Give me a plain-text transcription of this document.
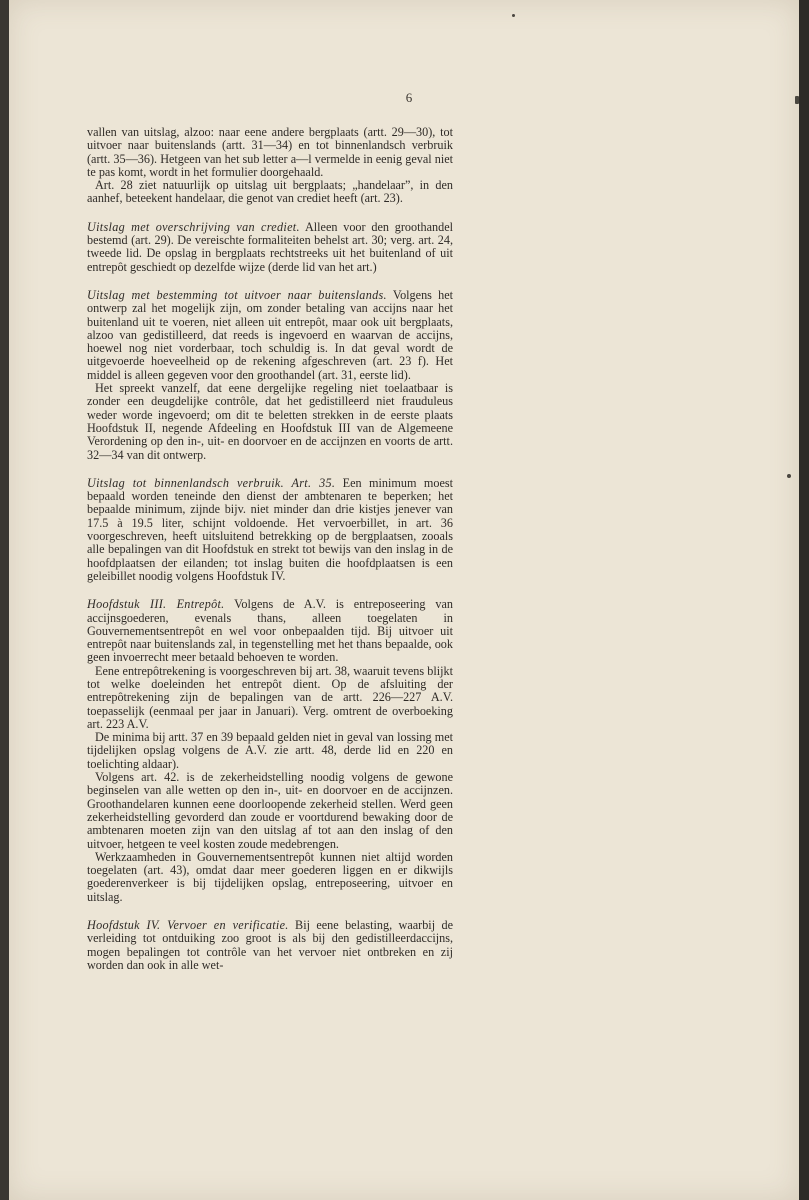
6

vallen van uitslag, alzoo: naar eene andere bergplaats (artt. 29—30), tot uitvoer naar buitenslands (artt. 31—34) en tot binnenlandsch verbruik (artt. 35—36). Hetgeen van het sub letter a—l vermelde in eenig geval niet te pas komt, wordt in het formulier doorgehaald.

Art. 28 ziet natuurlijk op uitslag uit bergplaats; „handelaar”, in den aanhef, beteekent handelaar, die genot van crediet heeft (art. 23).

Uitslag met overschrijving van crediet. Alleen voor den groothandel bestemd (art. 29). De vereischte formaliteiten behelst art. 30; verg. art. 24, tweede lid. De opslag in bergplaats rechtstreeks uit het buitenland of uit entrepôt geschiedt op dezelfde wijze (derde lid van het art.)

Uitslag met bestemming tot uitvoer naar buitenslands. Volgens het ontwerp zal het mogelijk zijn, om zonder betaling van accijns naar het buitenland uit te voeren, niet alleen uit entrepôt, maar ook uit bergplaats, alzoo van gedistilleerd, dat reeds is ingevoerd en waarvan de accijns, hoewel nog niet vorderbaar, toch schuldig is. In dat geval wordt de uitgevoerde hoeveelheid op de rekening afgeschreven (art. 23 f). Het middel is alleen gegeven voor den groothandel (art. 31, eerste lid).

Het spreekt vanzelf, dat eene dergelijke regeling niet toelaatbaar is zonder een deugdelijke contrôle, dat het gedistilleerd niet frauduleus weder worde ingevoerd; om dit te beletten strekken in de eerste plaats Hoofdstuk II, negende Afdeeling en Hoofdstuk III van de Algemeene Verordening op den in-, uit- en doorvoer en de accijnzen en voorts de artt. 32—34 van dit ontwerp.

Uitslag tot binnenlandsch verbruik. Art. 35. Een minimum moest bepaald worden teneinde den dienst der ambtenaren te beperken; het bepaalde minimum, zijnde bijv. niet minder dan drie kistjes jenever van 17.5 à 19.5 liter, schijnt voldoende. Het vervoerbillet, in art. 36 voorgeschreven, heeft uitsluitend betrekking op de bergplaatsen, zooals alle bepalingen van dit Hoofdstuk en strekt tot bewijs van den inslag in de hoofdplaatsen der eilanden; tot inslag buiten die hoofdplaatsen is een geleibillet noodig volgens Hoofdstuk IV.

Hoofdstuk III. Entrepôt. Volgens de A.V. is entreposeering van accijnsgoederen, evenals thans, alleen toegelaten in Gouvernementsentrepôt en wel voor onbepaalden tijd. Bij uitvoer uit entrepôt naar buitenslands zal, in tegenstelling met het thans bepaalde, ook geen invoerrecht meer betaald behoeven te worden.

Eene entrepôtrekening is voorgeschreven bij art. 38, waaruit tevens blijkt tot welke doeleinden het entrepôt dient. Op de afsluiting der entrepôtrekening zijn de bepalingen van de artt. 226—227 A.V. toepasselijk (eenmaal per jaar in Januari). Verg. omtrent de overboeking art. 223 A.V.

De minima bij artt. 37 en 39 bepaald gelden niet in geval van lossing met tijdelijken opslag volgens de A.V. zie artt. 48, derde lid en 220 en toelichting aldaar).

Volgens art. 42. is de zekerheidstelling noodig volgens de gewone beginselen van alle wetten op den in-, uit- en doorvoer en de accijnzen. Groothandelaren kunnen eene doorloopende zekerheid stellen. Werd geen zekerheidstelling gevorderd dan zoude er voortdurend bewaking door de ambtenaren moeten zijn van den uitslag af tot aan den inslag of den uitvoer, hetgeen te veel kosten zoude medebrengen.

Werkzaamheden in Gouvernementsentrepôt kunnen niet altijd worden toegelaten (art. 43), omdat daar meer goederen liggen en er dikwijls goederenverkeer is bij tijdelijken opslag, entreposeering, uitvoer en uitslag.

Hoofdstuk IV. Vervoer en verificatie. Bij eene belasting, waarbij de verleiding tot ontduiking zoo groot is als bij den gedistilleerdaccijns, mogen bepalingen tot contrôle van het vervoer niet ontbreken en zij worden dan ook in alle wet-
